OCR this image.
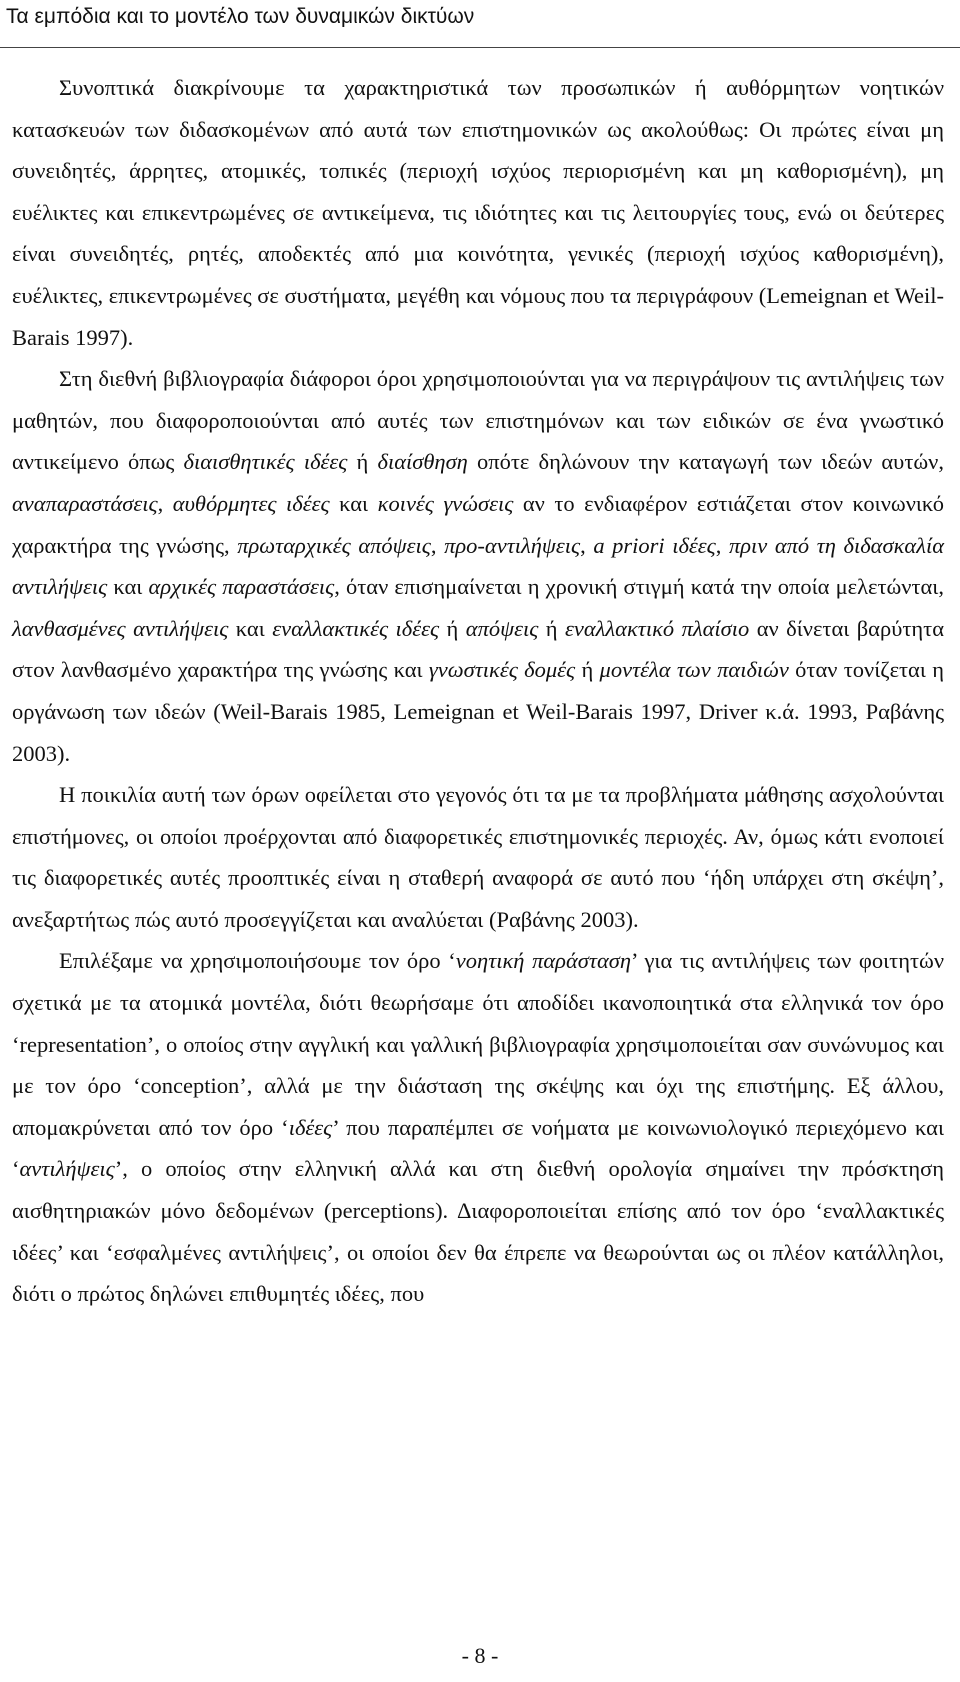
Τα εμπόδια και το μοντέλο των δυναμικών δικτύων

Συνοπτικά διακρίνουμε τα χαρακτηριστικά των προσωπικών ή αυθόρμητων νοητικών κατασκευών των διδασκομένων από αυτά των επιστημονικών ως ακολούθως: Οι πρώτες είναι μη συνειδητές, άρρητες, ατομικές, τοπικές (περιοχή ισχύος περιορισμένη και μη καθορισμένη), μη ευέλικτες και επικεντρωμένες σε αντικείμενα, τις ιδιότητες και τις λειτουργίες τους, ενώ οι δεύτερες είναι συνειδητές, ρητές, αποδεκτές από μια κοινότητα, γενικές (περιοχή ισχύος καθορισμένη), ευέλικτες, επικεντρωμένες σε συστήματα, μεγέθη και νόμους που τα περιγράφουν (Lemeignan et Weil-Barais 1997).

Στη διεθνή βιβλιογραφία διάφοροι όροι χρησιμοποιούνται για να περιγράψουν τις αντιλήψεις των μαθητών, που διαφοροποιούνται από αυτές των επιστημόνων και των ειδικών σε ένα γνωστικό αντικείμενο όπως διαισθητικές ιδέες ή διαίσθηση οπότε δηλώνουν την καταγωγή των ιδεών αυτών, αναπαραστάσεις, αυθόρμητες ιδέες και κοινές γνώσεις αν το ενδιαφέρον εστιάζεται στον κοινωνικό χαρακτήρα της γνώσης, πρωταρχικές απόψεις, προ-αντιλήψεις, a priori ιδέες, πριν από τη διδασκαλία αντιλήψεις και αρχικές παραστάσεις, όταν επισημαίνεται η χρονική στιγμή κατά την οποία μελετώνται, λανθασμένες αντιλήψεις και εναλλακτικές ιδέες ή απόψεις ή εναλλακτικό πλαίσιο αν δίνεται βαρύτητα στον λανθασμένο χαρακτήρα της γνώσης και γνωστικές δομές ή μοντέλα των παιδιών όταν τονίζεται η οργάνωση των ιδεών (Weil-Barais 1985, Lemeignan et Weil-Barais 1997, Driver κ.ά. 1993, Ραβάνης 2003).

Η ποικιλία αυτή των όρων οφείλεται στο γεγονός ότι τα με τα προβλήματα μάθησης ασχολούνται επιστήμονες, οι οποίοι προέρχονται από διαφορετικές επιστημονικές περιοχές. Αν, όμως κάτι ενοποιεί τις διαφορετικές αυτές προοπτικές είναι η σταθερή αναφορά σε αυτό που ‘ήδη υπάρχει στη σκέψη’, ανεξαρτήτως πώς αυτό προσεγγίζεται και αναλύεται (Ραβάνης 2003).

Επιλέξαμε να χρησιμοποιήσουμε τον όρο ‘νοητική παράσταση’ για τις αντιλήψεις των φοιτητών σχετικά με τα ατομικά μοντέλα, διότι θεωρήσαμε ότι αποδίδει ικανοποιητικά στα ελληνικά τον όρο ‘representation’, ο οποίος στην αγγλική και γαλλική βιβλιογραφία χρησιμοποιείται σαν συνώνυμος και με τον όρο ‘conception’, αλλά με την διάσταση της σκέψης και όχι της επιστήμης. Εξ άλλου, απομακρύνεται από τον όρο ‘ιδέες’ που παραπέμπει σε νοήματα με κοινωνιολογικό περιεχόμενο και ‘αντιλήψεις’, ο οποίος στην ελληνική αλλά και στη διεθνή ορολογία σημαίνει την πρόσκτηση αισθητηριακών μόνο δεδομένων (perceptions). Διαφοροποιείται επίσης από τον όρο ‘εναλλακτικές ιδέες’ και ‘εσφαλμένες αντιλήψεις’, οι οποίοι δεν θα έπρεπε να θεωρούνται ως οι πλέον κατάλληλοι, διότι ο πρώτος δηλώνει επιθυμητές ιδέες, που

- 8 -
